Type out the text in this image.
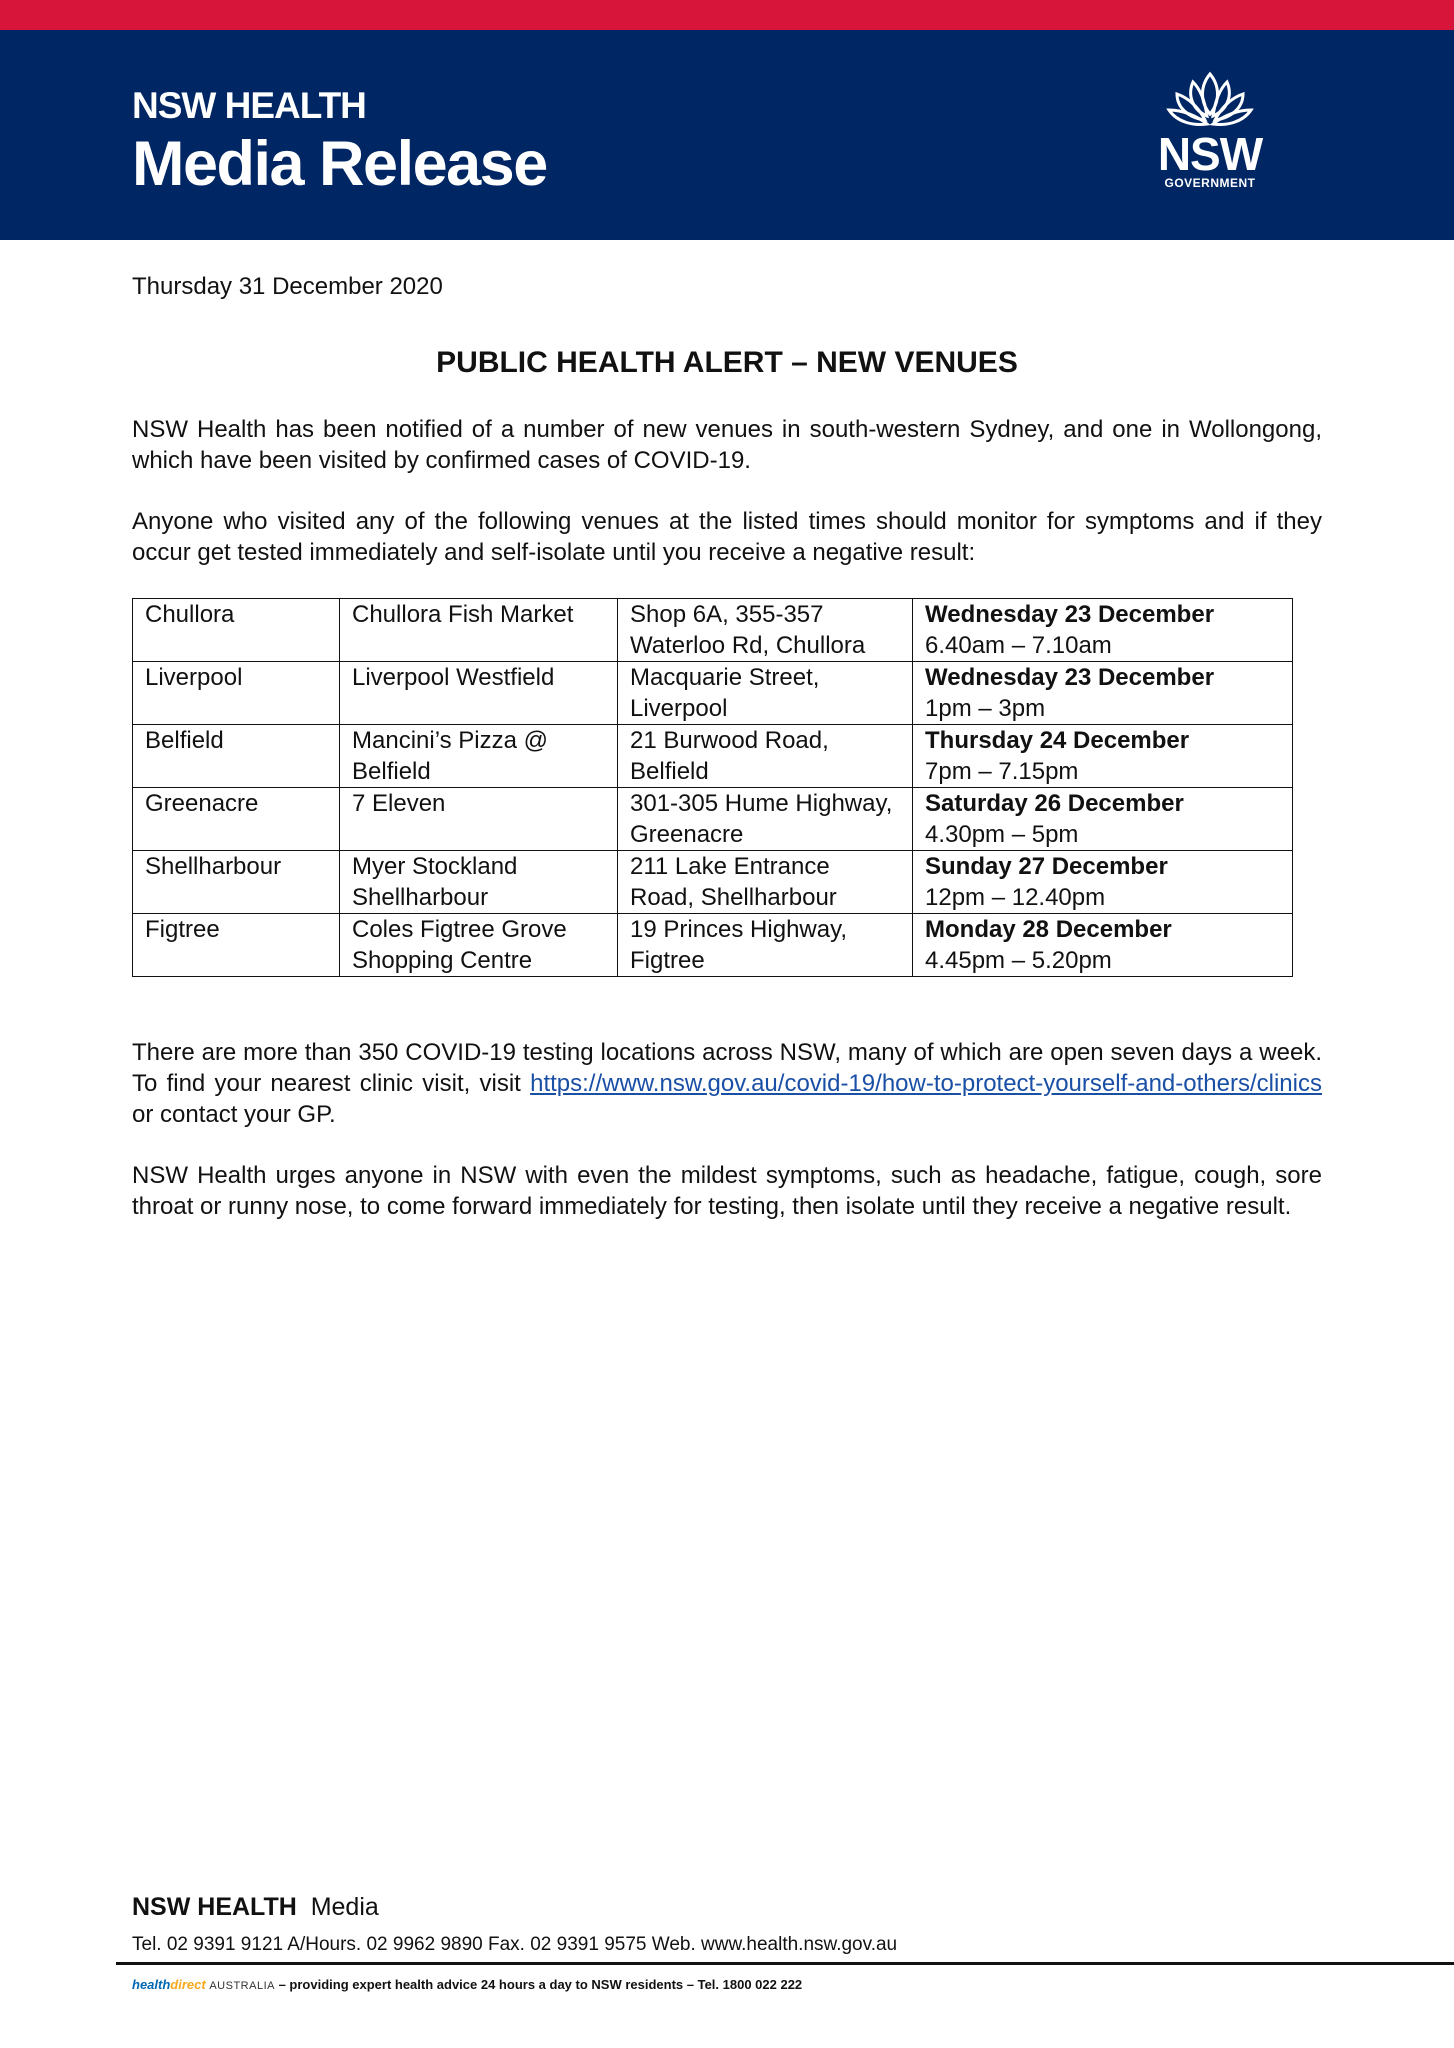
NSW HEALTH
Media Release	NSW
GOVERNMENT
Thursday 31 December 2020
PUBLIC HEALTH ALERT – NEW VENUES
NSW Health has been notified of a number of new venues in south-western Sydney, and one in Wollongong, which have been visited by confirmed cases of COVID-19.
Anyone who visited any of the following venues at the listed times should monitor for symptoms and if they occur get tested immediately and self-isolate until you receive a negative result:
Chullora	Chullora Fish Market	Shop 6A, 355-357 Waterloo Rd, Chullora	Wednesday 23 December
6.40am – 7.10am

Liverpool	Liverpool Westfield	Macquarie Street, Liverpool	Wednesday 23 December
1pm – 3pm

Belfield	Mancini’s Pizza @ Belfield	21 Burwood Road, Belfield	Thursday 24 December
7pm – 7.15pm

Greenacre	7 Eleven	301-305 Hume Highway, Greenacre	Saturday 26 December
4.30pm – 5pm

Shellharbour	Myer Stockland Shellharbour	211 Lake Entrance Road, Shellharbour	Sunday 27 December
12pm – 12.40pm

Figtree	Coles Figtree Grove Shopping Centre	19 Princes Highway, Figtree	Monday 28 December
4.45pm – 5.20pm
There are more than 350 COVID-19 testing locations across NSW, many of which are open seven days a week. To find your nearest clinic visit, visit https://www.nsw.gov.au/covid-19/how-to-protect-yourself-and-others/clinics or contact your GP.
NSW Health urges anyone in NSW with even the mildest symptoms, such as headache, fatigue, cough, sore throat or runny nose, to come forward immediately for testing, then isolate until they receive a negative result.
NSW HEALTH Media
Tel. 02 9391 9121 A/Hours. 02 9962 9890 Fax. 02 9391 9575 Web. www.health.nsw.gov.au
healthdirect AUSTRALIA – providing expert health advice 24 hours a day to NSW residents – Tel. 1800 022 222
